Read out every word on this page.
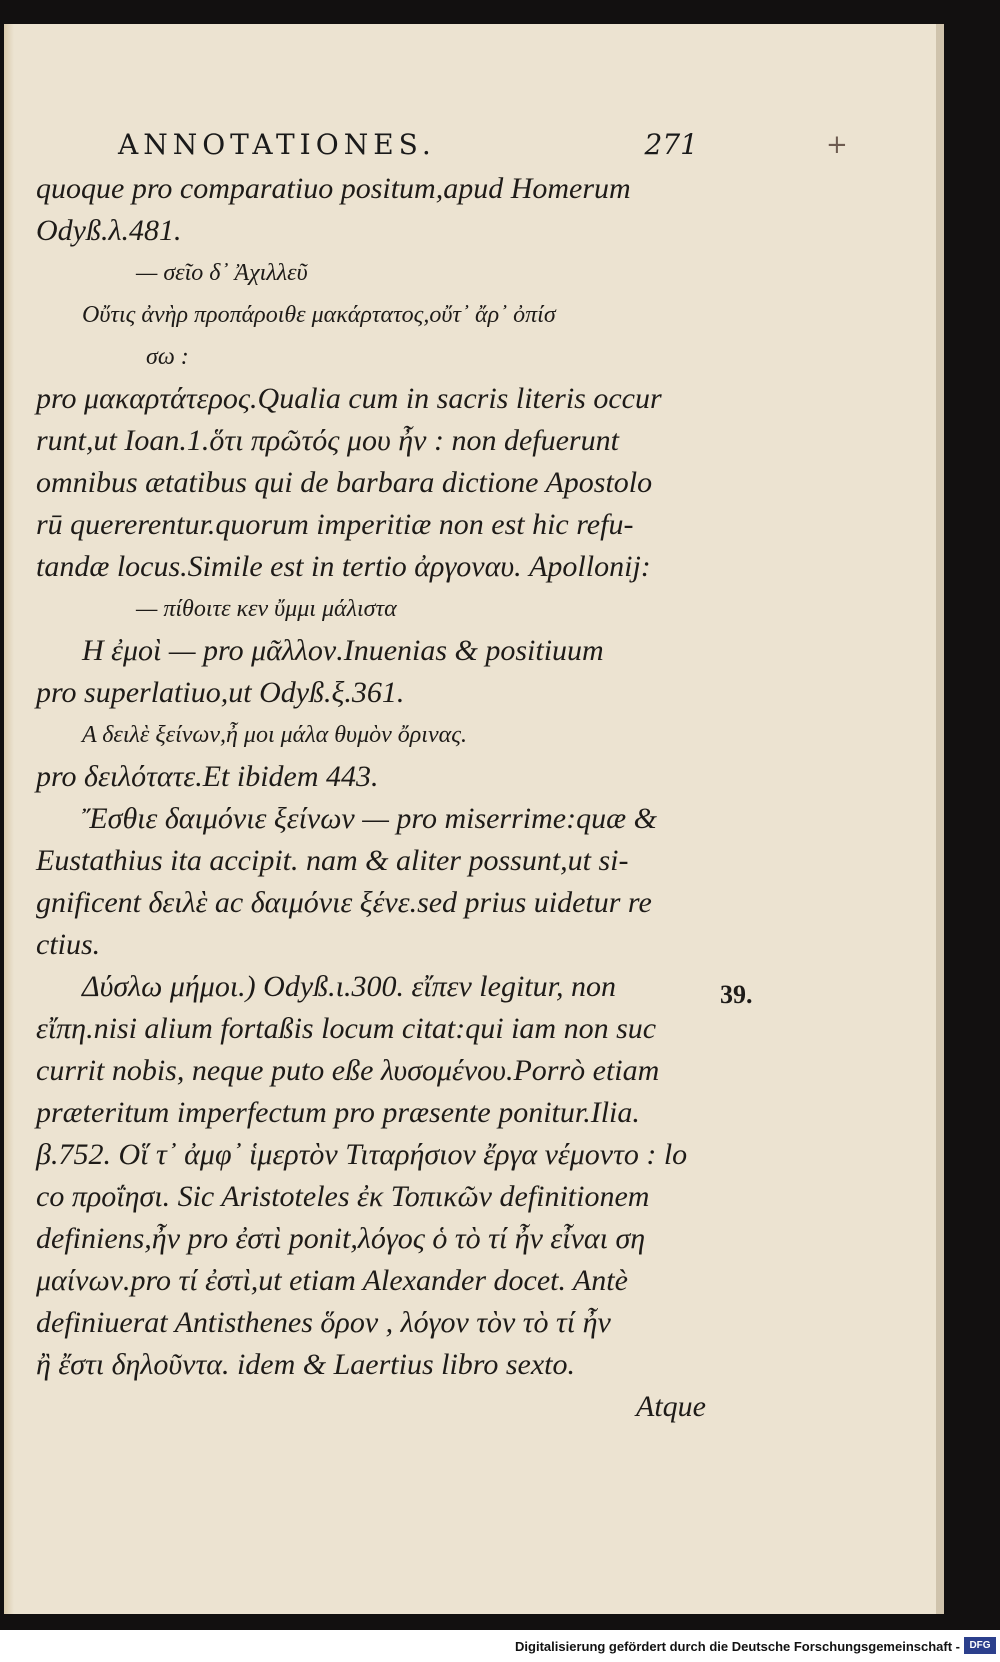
ANNOTATIONES.	271	+
quoque pro comparatiuo positum,apud Homerum
Odyß.λ.481.
— σεῖο δ᾽ Ἀχιλλεῦ
Οὔτις ἀνὴρ προπάροιθε μακάρτατος,οὔτ᾽ ἄρ᾽ ὀπίσ
σω :
pro μακαρτάτερος.Qualia cum in sacris literis occur
runt,ut Ioan.1.ὅτι πρῶτός μου ἦν : non defuerunt
omnibus ætatibus qui de barbara dictione Apostolo
rū quererentur.quorum imperitiæ non est hic refu-
tandæ locus.Simile est in tertio ἀργοναυ. Apollonij:
— πίθοιτε κεν ὔμμι μάλιστα
Η ἐμοὶ — pro μᾶλλον.Inuenias & positiuum
pro superlatiuo,ut Odyß.ξ.361.
Α δειλὲ ξείνων,ἦ μοι μάλα θυμὸν ὄρινας.
pro δειλότατε.Et ibidem 443.
Ἔσθιε δαιμόνιε ξείνων — pro miserrime:quæ &
Eustathius ita accipit. nam & aliter possunt,ut si-
gnificent δειλὲ ac δαιμόνιε ξένε.sed prius uidetur re
ctius.
Δύσλω μήμοι.) Odyß.ι.300. εἴπεν legitur, non
εἴπη.nisi alium fortaßis locum citat:qui iam non suc
currit nobis, neque puto eße λυσομένου.Porrò etiam
præteritum imperfectum pro præsente ponitur.Ilia.
β.752. Οἵ τ᾽ ἀμφ᾽ ἱμερτὸν Τιταρήσιον ἔργα νέμοντο : lo
co προΐησι. Sic Aristoteles ἐκ Τοπικῶν definitionem
definiens,ἦν pro ἐστὶ ponit,λόγος ὁ τὸ τί ἦν εἶναι ση
μαίνων.pro τί ἐστὶ,ut etiam Alexander docet. Antè
definiuerat Antisthenes ὅρον , λόγον τὸν τὸ τί ἦν
ἢ ἔστι δηλοῦντα. idem & Laertius libro sexto.
Atque
39.
Digitalisierung gefördert durch die Deutsche Forschungsgemeinschaft - DFG
